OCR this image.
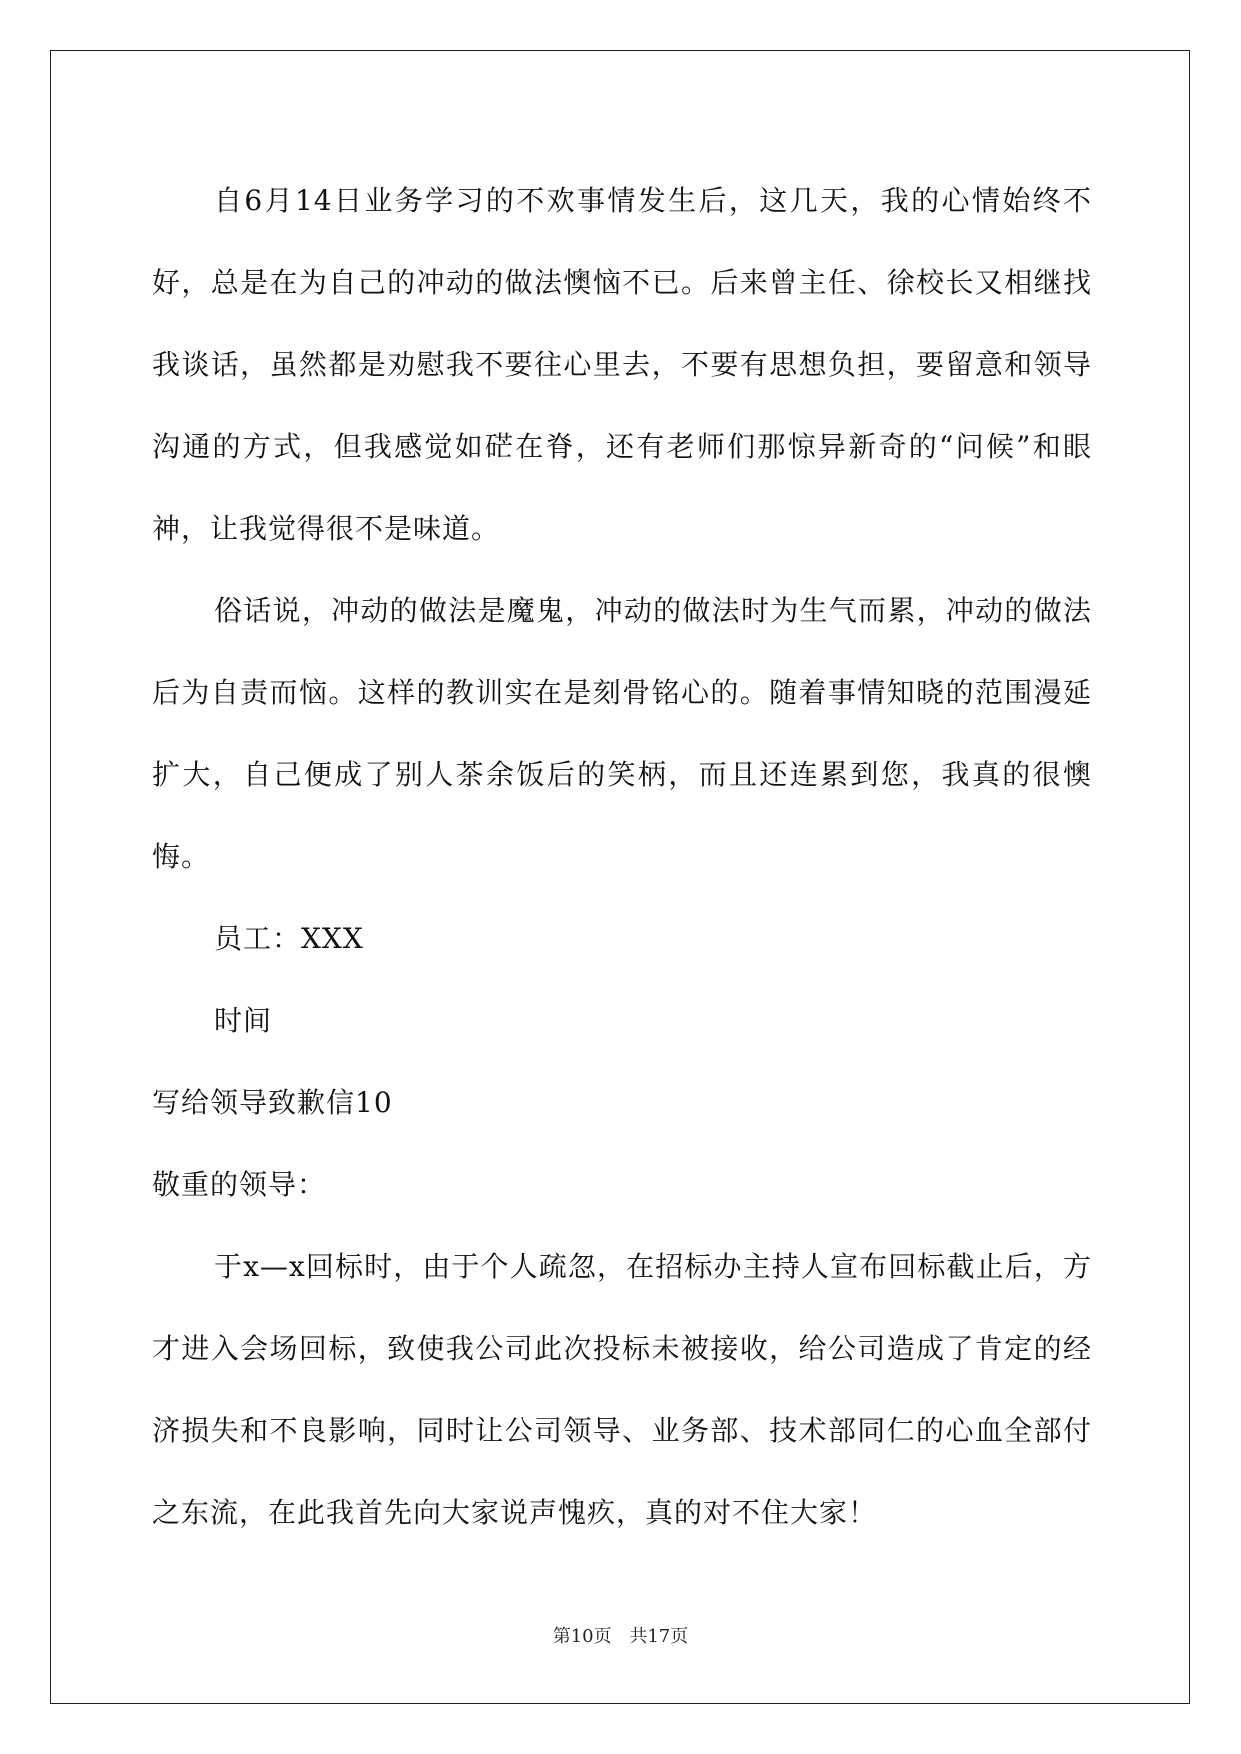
自6月14日业务学习的不欢事情发生后，这几天，我的心情始终不好，总是在为自己的冲动的做法懊恼不已。后来曾主任、徐校长又相继找我谈话，虽然都是劝慰我不要往心里去，不要有思想负担，要留意和领导沟通的方式，但我感觉如硭在脊，还有老师们那惊异新奇的“问候”和眼神，让我觉得很不是味道。

俗话说，冲动的做法是魔鬼，冲动的做法时为生气而累，冲动的做法后为自责而恼。这样的教训实在是刻骨铭心的。随着事情知晓的范围漫延扩大，自己便成了别人茶余饭后的笑柄，而且还连累到您，我真的很懊悔。

员工：XXX

时间

写给领导致歉信10

敬重的领导：

于x—x回标时，由于个人疏忽，在招标办主持人宣布回标截止后，方才进入会场回标，致使我公司此次投标未被接收，给公司造成了肯定的经济损失和不良影响，同时让公司领导、业务部、技术部同仁的心血全部付之东流，在此我首先向大家说声愧疚，真的对不住大家！

第10页 共17页
